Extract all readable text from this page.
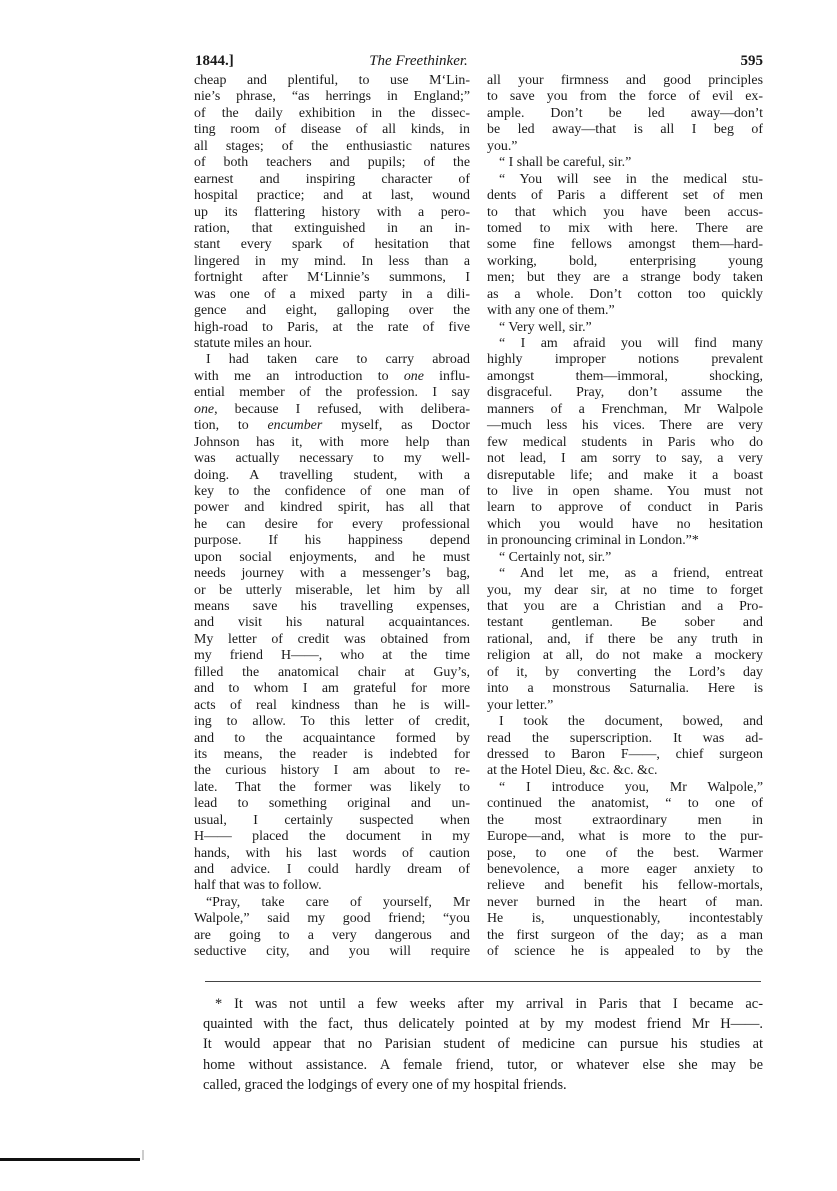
1844.]	The Freethinker.	595
cheap and plentiful, to use M‘Lin-
nie’s phrase, “as herrings in England;”
of the daily exhibition in the dissec-
ting room of disease of all kinds, in
all stages; of the enthusiastic natures
of both teachers and pupils; of the
earnest and inspiring character of
hospital practice; and at last, wound
up its flattering history with a pero-
ration, that extinguished in an in-
stant every spark of hesitation that
lingered in my mind. In less than a
fortnight after M‘Linnie’s summons, I
was one of a mixed party in a dili-
gence and eight, galloping over the
high-road to Paris, at the rate of five
statute miles an hour.
I had taken care to carry abroad
with me an introduction to one influ-
ential member of the profession. I say
one, because I refused, with delibera-
tion, to encumber myself, as Doctor
Johnson has it, with more help than
was actually necessary to my well-
doing. A travelling student, with a
key to the confidence of one man of
power and kindred spirit, has all that
he can desire for every professional
purpose. If his happiness depend
upon social enjoyments, and he must
needs journey with a messenger’s bag,
or be utterly miserable, let him by all
means save his travelling expenses,
and visit his natural acquaintances.
My letter of credit was obtained from
my friend H——, who at the time
filled the anatomical chair at Guy’s,
and to whom I am grateful for more
acts of real kindness than he is will-
ing to allow. To this letter of credit,
and to the acquaintance formed by
its means, the reader is indebted for
the curious history I am about to re-
late. That the former was likely to
lead to something original and un-
usual, I certainly suspected when
H—— placed the document in my
hands, with his last words of caution
and advice. I could hardly dream of
half that was to follow.
“Pray, take care of yourself, Mr
Walpole,” said my good friend; “you
are going to a very dangerous and
seductive city, and you will require
all your firmness and good principles
to save you from the force of evil ex-
ample. Don’t be led away—don’t
be led away—that is all I beg of
you.”
“ I shall be careful, sir.”
“ You will see in the medical stu-
dents of Paris a different set of men
to that which you have been accus-
tomed to mix with here. There are
some fine fellows amongst them—hard-
working, bold, enterprising young
men; but they are a strange body taken
as a whole. Don’t cotton too quickly
with any one of them.”
“ Very well, sir.”
“ I am afraid you will find many
highly improper notions prevalent
amongst them—immoral, shocking,
disgraceful. Pray, don’t assume the
manners of a Frenchman, Mr Walpole
—much less his vices. There are very
few medical students in Paris who do
not lead, I am sorry to say, a very
disreputable life; and make it a boast
to live in open shame. You must not
learn to approve of conduct in Paris
which you would have no hesitation
in pronouncing criminal in London.”*
“ Certainly not, sir.”
“ And let me, as a friend, entreat
you, my dear sir, at no time to forget
that you are a Christian and a Pro-
testant gentleman. Be sober and
rational, and, if there be any truth in
religion at all, do not make a mockery
of it, by converting the Lord’s day
into a monstrous Saturnalia. Here is
your letter.”
I took the document, bowed, and
read the superscription. It was ad-
dressed to Baron F——, chief surgeon
at the Hotel Dieu, &c. &c. &c.
“ I introduce you, Mr Walpole,”
continued the anatomist, “ to one of
the most extraordinary men in
Europe—and, what is more to the pur-
pose, to one of the best. Warmer
benevolence, a more eager anxiety to
relieve and benefit his fellow-mortals,
never burned in the heart of man.
He is, unquestionably, incontestably
the first surgeon of the day; as a man
of science he is appealed to by the
* It was not until a few weeks after my arrival in Paris that I became ac-
quainted with the fact, thus delicately pointed at by my modest friend Mr H——.
It would appear that no Parisian student of medicine can pursue his studies at
home without assistance. A female friend, tutor, or whatever else she may be
called, graced the lodgings of every one of my hospital friends.
